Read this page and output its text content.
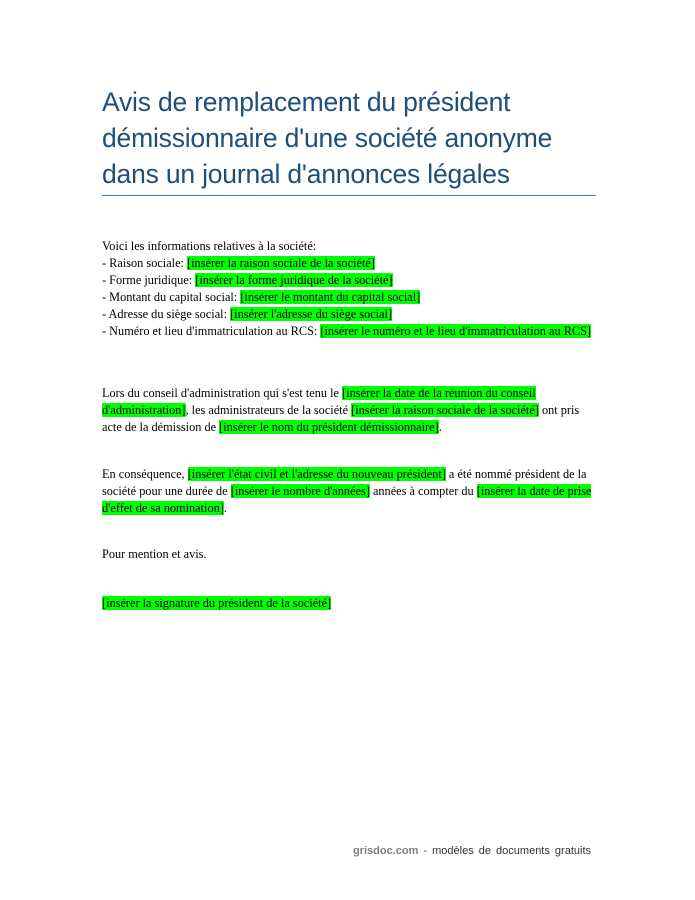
Avis de remplacement du président démissionnaire d'une société anonyme dans un journal d'annonces légales
Voici les informations relatives à la société:
- Raison sociale: [insérer la raison sociale de la société]
- Forme juridique: [insérer la forme juridique de la société]
- Montant du capital social: [insérer le montant du capital social]
- Adresse du siège social: [insérer l'adresse du siège social]
- Numéro et lieu d'immatriculation au RCS: [insérer le numéro et le lieu d'immatriculation au RCS]
Lors du conseil d'administration qui s'est tenu le [insérer la date de la réunion du conseil d'administration], les administrateurs de la société [insérer la raison sociale de la société] ont pris acte de la démission de [insérer le nom du président démissionnaire].
En conséquence, [insérer l'état civil et l'adresse du nouveau président] a été nommé président de la société pour une durée de [insérer le nombre d'années] années à compter du [insérer la date de prise d'effet de sa nomination].
Pour mention et avis.
[insérer la signature du président de la société]
grisdoc.com - modèles de documents gratuits
